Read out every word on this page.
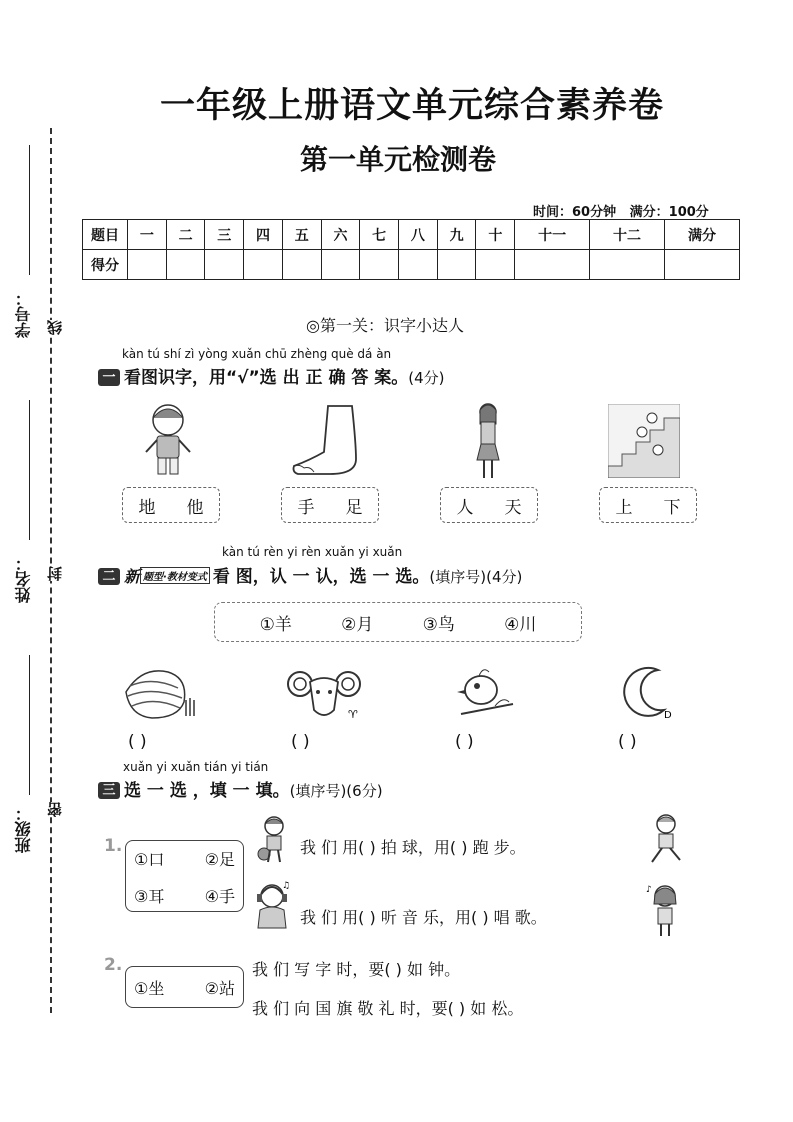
学号：
姓名：
班级：
线
封
密
一年级上册语文单元综合素养卷
第一单元检测卷
时间：60分钟 满分：100分
题目	一	二	三	四	五	六	七	八	九	十	十一	十二	满分
得分													
◎第一关：识字小达人
kàn tú shí zì yòng xuǎn chū zhèng què dá àn
一 看图识字，用“√”选 出 正 确 答 案。(4分)
地 他	手 足	人 天	上 下
kàn tú rèn yi rèn xuǎn yi xuǎn
二 新 题型·教材变式 看 图，认 一 认，选 一 选。(填序号)(4分)
①羊	②月	③鸟	④川
♈	D
( )	( )	( )	( )
xuǎn yi xuǎn tián yi tián
三 选 一 选 ，填 一 填。(填序号)(6分)
1.
①口	②足
③耳	④手
我 们 用( ) 拍 球，用( ) 跑 步。
♫
我 们 用( ) 听 音 乐，用( ) 唱 歌。
♪
2.
①坐	②站
我 们 写 字 时，要( ) 如 钟。
我 们 向 国 旗 敬 礼 时，要( ) 如 松。
